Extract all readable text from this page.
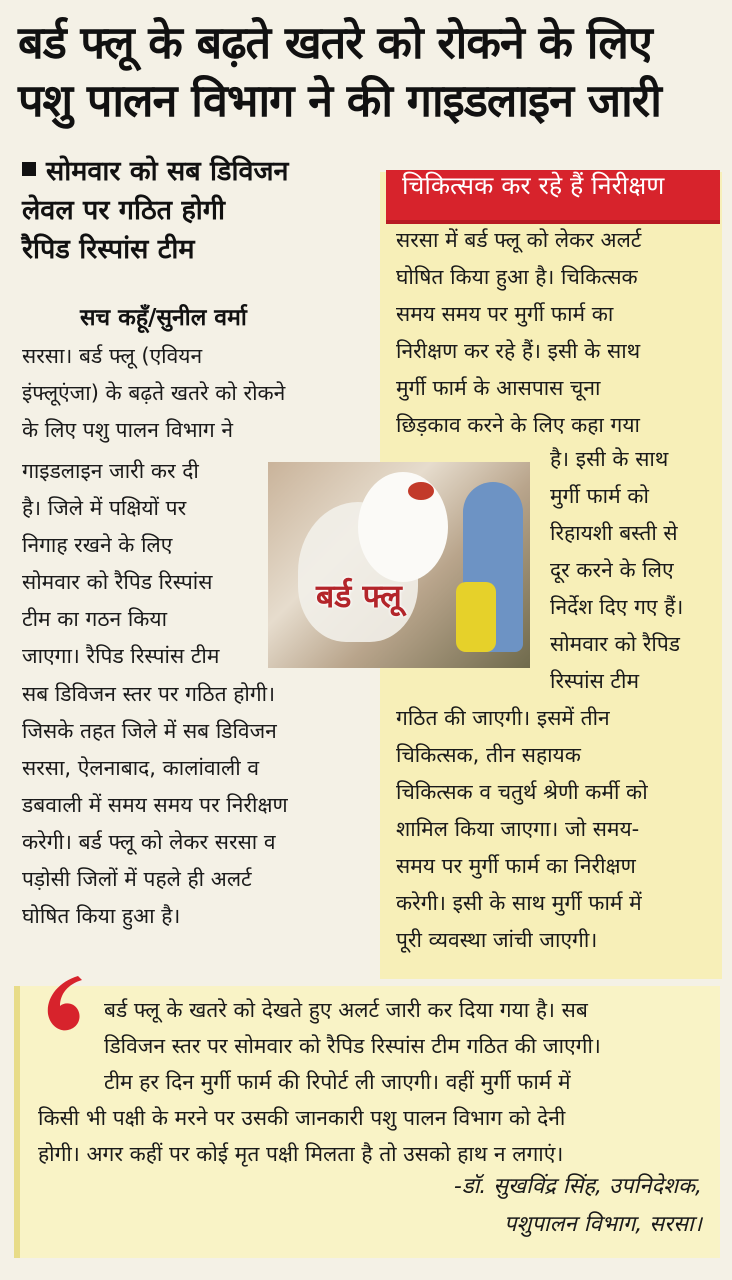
बर्ड फ्लू के बढ़ते खतरे को रोकने के लिए
पशु पालन विभाग ने की गाइडलाइन जारी
सोमवार को सब डिविजन
लेवल पर गठित होगी
रैपिड रिस्पांस टीम
सच कहूँ/सुनील वर्मा
सरसा। बर्ड फ्लू (एवियन
इंफ्लूएंजा) के बढ़ते खतरे को रोकने
के लिए पशु पालन विभाग ने
गाइडलाइन जारी कर दी
है। जिले में पक्षियों पर
निगाह रखने के लिए
सोमवार को रैपिड रिस्पांस
टीम का गठन किया
जाएगा। रैपिड रिस्पांस टीम
सब डिविजन स्तर पर गठित होगी।
जिसके तहत जिले में सब डिविजन
सरसा, ऐलनाबाद, कालांवाली व
डबवाली में समय समय पर निरीक्षण
करेगी। बर्ड फ्लू को लेकर सरसा व
पड़ोसी जिलों में पहले ही अलर्ट
घोषित किया हुआ है।
चिकित्सक कर रहे हैं निरीक्षण
सरसा में बर्ड फ्लू को लेकर अलर्ट
घोषित किया हुआ है। चिकित्सक
समय समय पर मुर्गी फार्म का
निरीक्षण कर रहे हैं। इसी के साथ
मुर्गी फार्म के आसपास चूना
छिड़काव करने के लिए कहा गया
है। इसी के साथ
मुर्गी फार्म को
रिहायशी बस्ती से
दूर करने के लिए
निर्देश दिए गए हैं।
सोमवार को रैपिड
रिस्पांस टीम
गठित की जाएगी। इसमें तीन
चिकित्सक, तीन सहायक
चिकित्सक व चतुर्थ श्रेणी कर्मी को
शामिल किया जाएगा। जो समय-
समय पर मुर्गी फार्म का निरीक्षण
करेगी। इसी के साथ मुर्गी फार्म में
पूरी व्यवस्था जांची जाएगी।
बर्ड फ्लू
बर्ड फ्लू के खतरे को देखते हुए अलर्ट जारी कर दिया गया है। सब
डिविजन स्तर पर सोमवार को रैपिड रिस्पांस टीम गठित की जाएगी।
टीम हर दिन मुर्गी फार्म की रिपोर्ट ली जाएगी। वहीं मुर्गी फार्म में
किसी भी पक्षी के मरने पर उसकी जानकारी पशु पालन विभाग को देनी
होगी। अगर कहीं पर कोई मृत पक्षी मिलता है तो उसको हाथ न लगाएं।
-डॉ. सुखविंद्र सिंह, उपनिदेशक,
पशुपालन विभाग, सरसा।
